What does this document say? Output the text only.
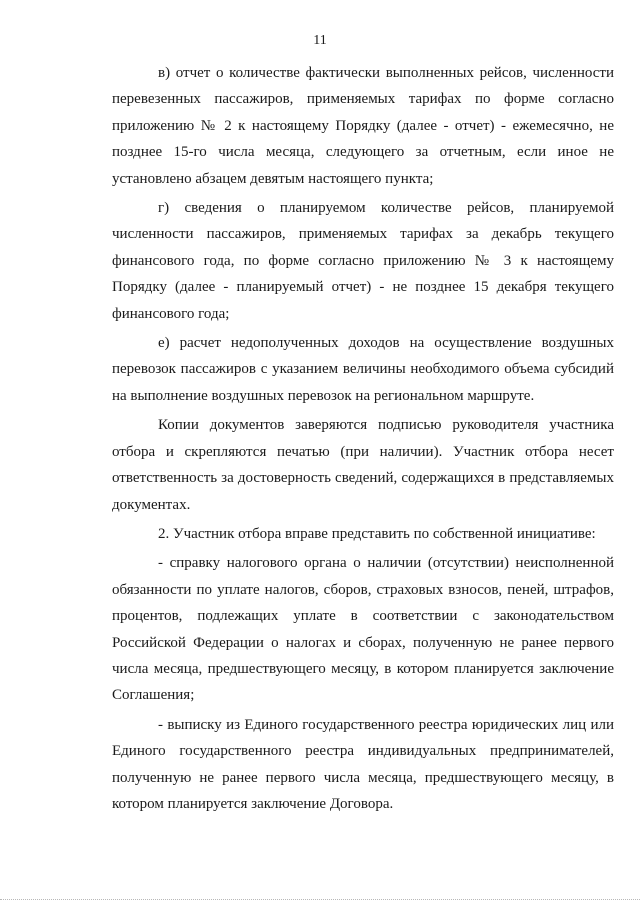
11

в) отчет о количестве фактически выполненных рейсов, численности перевезенных пассажиров, применяемых тарифах по форме согласно приложению № 2 к настоящему Порядку (далее - отчет) - ежемесячно, не позднее 15-го числа месяца, следующего за отчетным, если иное не установлено абзацем девятым настоящего пункта;

г) сведения о планируемом количестве рейсов, планируемой численности пассажиров, применяемых тарифах за декабрь текущего финансового года, по форме согласно приложению № 3 к настоящему Порядку (далее - планируемый отчет) - не позднее 15 декабря текущего финансового года;

е) расчет недополученных доходов на осуществление воздушных перевозок пассажиров с указанием величины необходимого объема субсидий на выполнение воздушных перевозок на региональном маршруте.

Копии документов заверяются подписью руководителя участника отбора и скрепляются печатью (при наличии). Участник отбора несет ответственность за достоверность сведений, содержащихся в представляемых документах.

2. Участник отбора вправе представить по собственной инициативе:

- справку налогового органа о наличии (отсутствии) неисполненной обязанности по уплате налогов, сборов, страховых взносов, пеней, штрафов, процентов, подлежащих уплате в соответствии с законодательством Российской Федерации о налогах и сборах, полученную не ранее первого числа месяца, предшествующего месяцу, в котором планируется заключение Соглашения;

- выписку из Единого государственного реестра юридических лиц или Единого государственного реестра индивидуальных предпринимателей, полученную не ранее первого числа месяца, предшествующего месяцу, в котором планируется заключение Договора.
